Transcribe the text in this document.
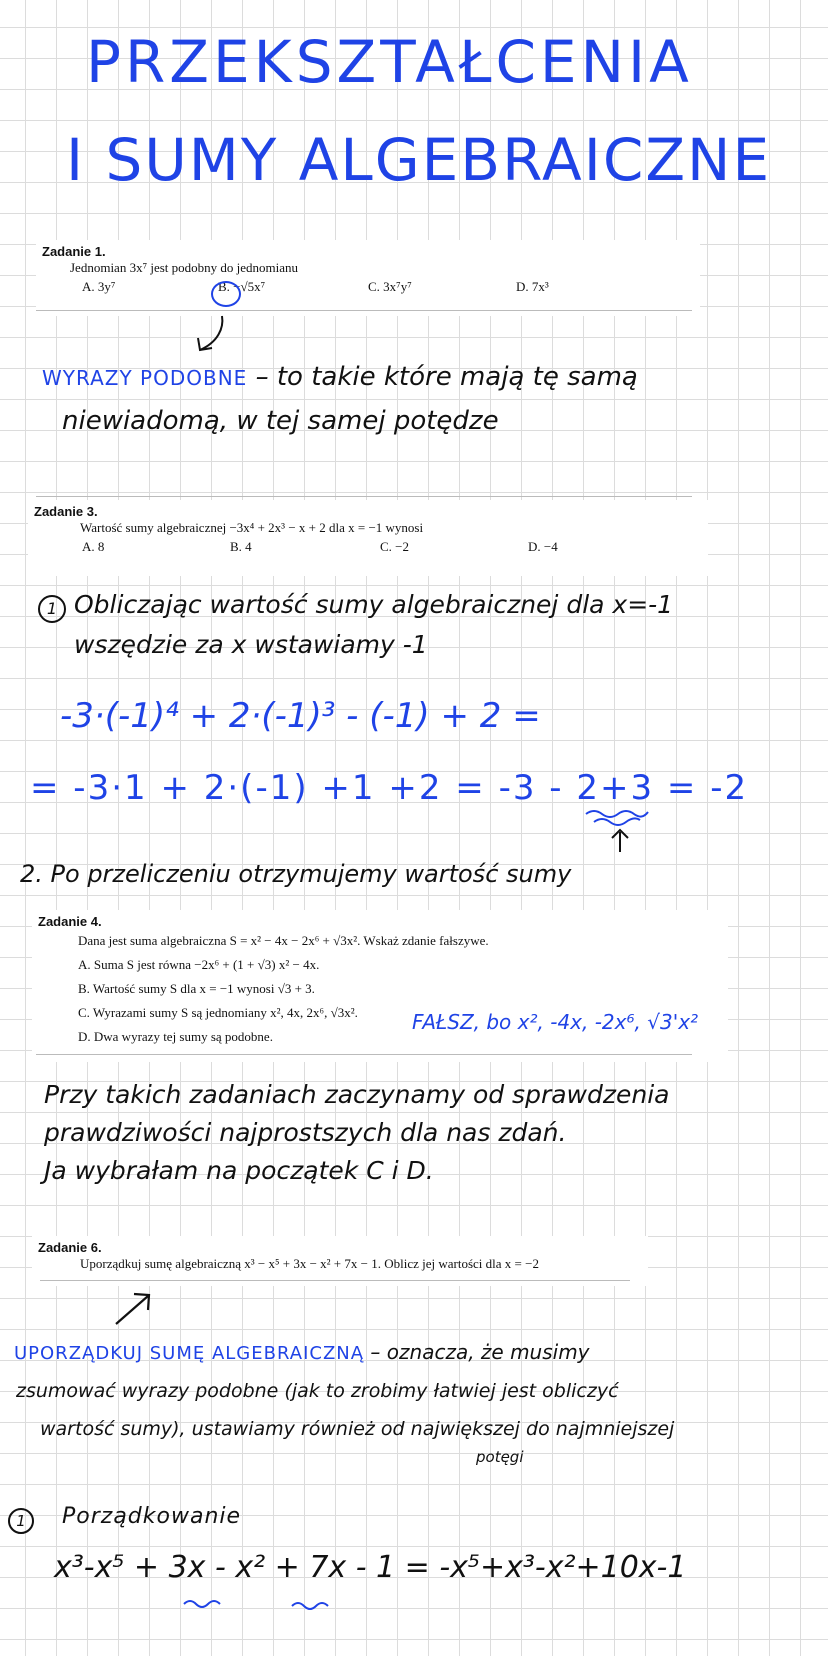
PRZEKSZTAŁCENIA
I SUMY ALGEBRAICZNE
Zadanie 1.
Jednomian 3x⁷ jest podobny do jednomianu
A. 3y⁷	B. −√5x⁷	C. 3x⁷y⁷	D. 7x³
WYRAZY PODOBNE – to takie które mają tę samą
niewiadomą, w tej samej potędze
Zadanie 3.
Wartość sumy algebraicznej −3x⁴ + 2x³ − x + 2 dla x = −1 wynosi
A. 8	B. 4	C. −2	D. −4
1 Obliczając wartość sumy algebraicznej dla x=-1
wszędzie za x wstawiamy -1
-3·(-1)⁴ + 2·(-1)³ - (-1) + 2 =
= -3·1 + 2·(-1) +1 +2 = -3 - 2+3 = -2
2. Po przeliczeniu otrzymujemy wartość sumy
Zadanie 4.
Dana jest suma algebraiczna S = x² − 4x − 2x⁶ + √3x². Wskaż zdanie fałszywe.
A. Suma S jest równa −2x⁶ + (1 + √3) x² − 4x.
B. Wartość sumy S dla x = −1 wynosi √3 + 3.
C. Wyrazami sumy S są jednomiany x², 4x, 2x⁶, √3x².
D. Dwa wyrazy tej sumy są podobne.
FAŁSZ, bo x², -4x, -2x⁶, √3'x²
Przy takich zadaniach zaczynamy od sprawdzenia
prawdziwości najprostszych dla nas zdań.
Ja wybrałam na początek C i D.
Zadanie 6.
Uporządkuj sumę algebraiczną x³ − x⁵ + 3x − x² + 7x − 1. Oblicz jej wartości dla x = −2
UPORZĄDKUJ SUMĘ ALGEBRAICZNĄ – oznacza, że musimy
zsumować wyrazy podobne (jak to zrobimy łatwiej jest obliczyć
wartość sumy), ustawiamy również od największej do najmniejszej
potęgi
1	Porządkowanie
x³-x⁵ + 3x - x² + 7x - 1 = -x⁵+x³-x²+10x-1
